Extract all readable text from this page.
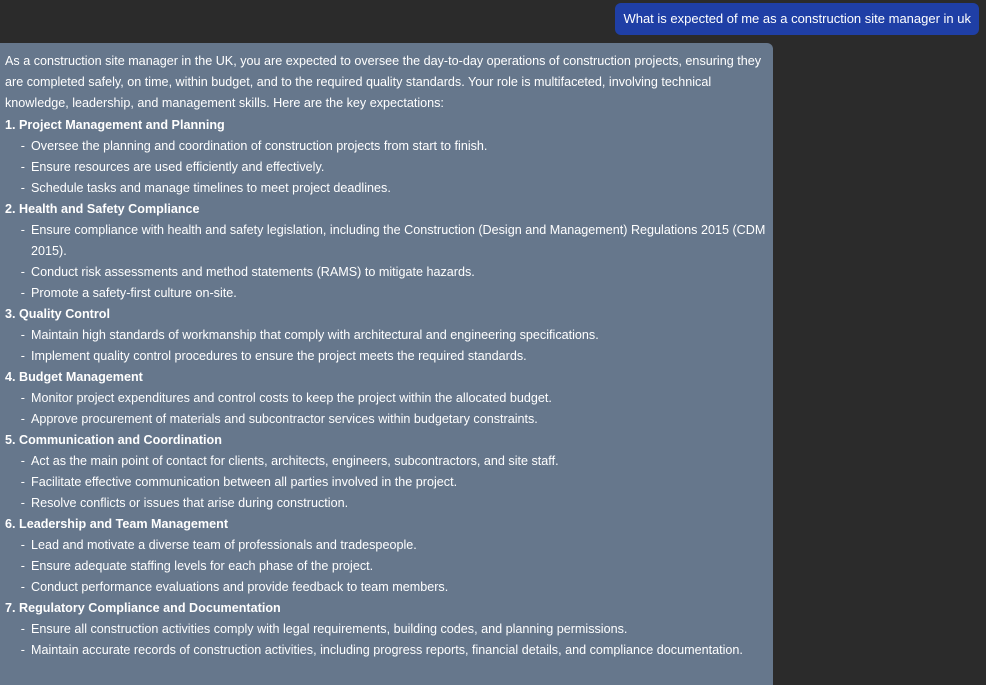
What is expected of me as a construction site manager in uk
As a construction site manager in the UK, you are expected to oversee the day-to-day operations of construction projects, ensuring they are completed safely, on time, within budget, and to the required quality standards. Your role is multifaceted, involving technical knowledge, leadership, and management skills. Here are the key expectations:
1. Project Management and Planning
- Oversee the planning and coordination of construction projects from start to finish.
- Ensure resources are used efficiently and effectively.
- Schedule tasks and manage timelines to meet project deadlines.
2. Health and Safety Compliance
- Ensure compliance with health and safety legislation, including the Construction (Design and Management) Regulations 2015 (CDM 2015).
- Conduct risk assessments and method statements (RAMS) to mitigate hazards.
- Promote a safety-first culture on-site.
3. Quality Control
- Maintain high standards of workmanship that comply with architectural and engineering specifications.
- Implement quality control procedures to ensure the project meets the required standards.
4. Budget Management
- Monitor project expenditures and control costs to keep the project within the allocated budget.
- Approve procurement of materials and subcontractor services within budgetary constraints.
5. Communication and Coordination
- Act as the main point of contact for clients, architects, engineers, subcontractors, and site staff.
- Facilitate effective communication between all parties involved in the project.
- Resolve conflicts or issues that arise during construction.
6. Leadership and Team Management
- Lead and motivate a diverse team of professionals and tradespeople.
- Ensure adequate staffing levels for each phase of the project.
- Conduct performance evaluations and provide feedback to team members.
7. Regulatory Compliance and Documentation
- Ensure all construction activities comply with legal requirements, building codes, and planning permissions.
- Maintain accurate records of construction activities, including progress reports, financial details, and compliance documentation.
